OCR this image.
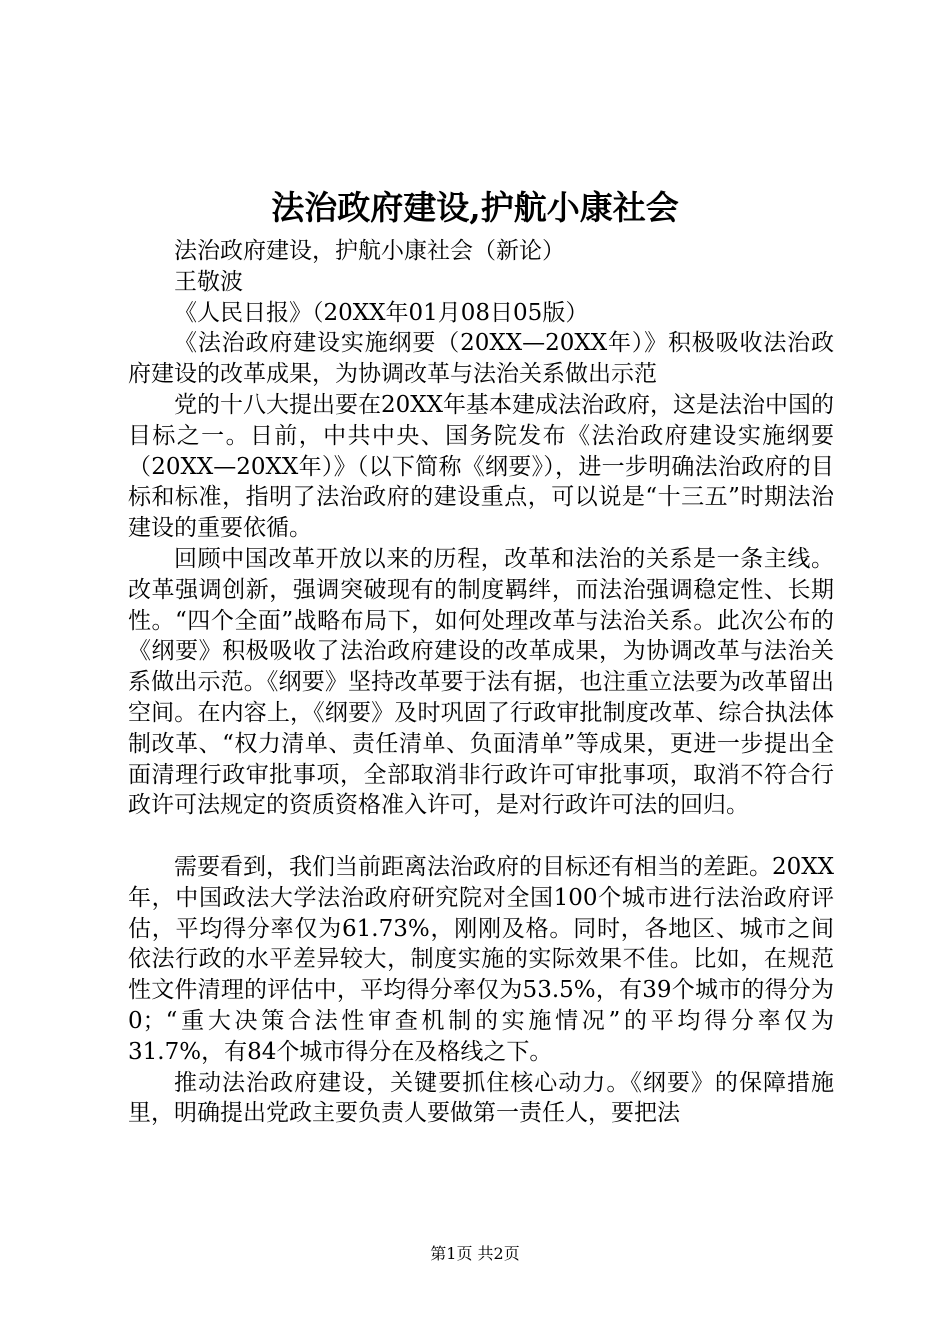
法治政府建设,护航小康社会

法治政府建设，护航小康社会（新论）

王敬波

《人民日报》（20XX年01月08日05版）

《法治政府建设实施纲要（20XX—20XX年）》积极吸收法治政府建设的改革成果，为协调改革与法治关系做出示范

党的十八大提出要在20XX年基本建成法治政府，这是法治中国的目标之一。日前，中共中央、国务院发布《法治政府建设实施纲要（20XX—20XX年）》（以下简称《纲要》），进一步明确法治政府的目标和标准，指明了法治政府的建设重点，可以说是“十三五”时期法治建设的重要依循。

回顾中国改革开放以来的历程，改革和法治的关系是一条主线。改革强调创新，强调突破现有的制度羁绊，而法治强调稳定性、长期性。“四个全面”战略布局下，如何处理改革与法治关系。此次公布的《纲要》积极吸收了法治政府建设的改革成果，为协调改革与法治关系做出示范。《纲要》坚持改革要于法有据，也注重立法要为改革留出空间。在内容上，《纲要》及时巩固了行政审批制度改革、综合执法体制改革、“权力清单、责任清单、负面清单”等成果，更进一步提出全面清理行政审批事项，全部取消非行政许可审批事项，取消不符合行政许可法规定的资质资格准入许可，是对行政许可法的回归。

需要看到，我们当前距离法治政府的目标还有相当的差距。20XX年，中国政法大学法治政府研究院对全国100个城市进行法治政府评估，平均得分率仅为61.73%，刚刚及格。同时，各地区、城市之间依法行政的水平差异较大，制度实施的实际效果不佳。比如，在规范性文件清理的评估中，平均得分率仅为53.5%，有39个城市的得分为0；“重大决策合法性审查机制的实施情况”的平均得分率仅为31.7%，有84个城市得分在及格线之下。

推动法治政府建设，关键要抓住核心动力。《纲要》的保障措施里，明确提出党政主要负责人要做第一责任人，要把法

第1页 共2页
